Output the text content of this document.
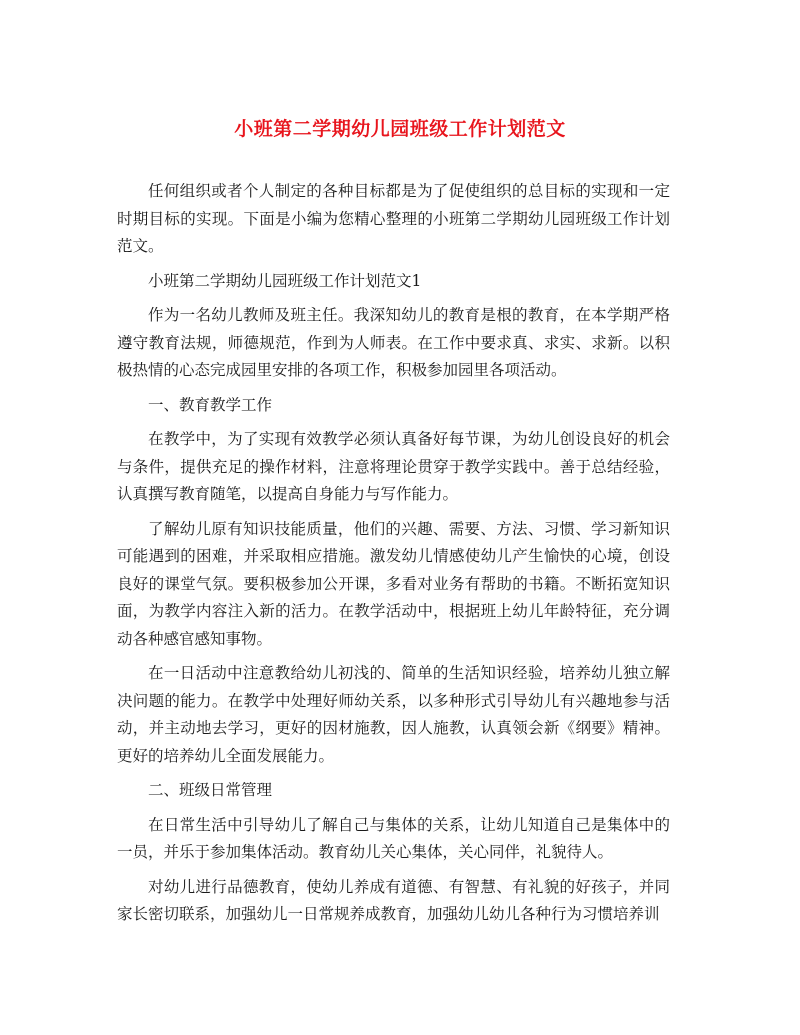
小班第二学期幼儿园班级工作计划范文

任何组织或者个人制定的各种目标都是为了促使组织的总目标的实现和一定时期目标的实现。下面是小编为您精心整理的小班第二学期幼儿园班级工作计划范文。

小班第二学期幼儿园班级工作计划范文1

作为一名幼儿教师及班主任。我深知幼儿的教育是根的教育，在本学期严格遵守教育法规，师德规范，作到为人师表。在工作中要求真、求实、求新。以积极热情的心态完成园里安排的各项工作，积极参加园里各项活动。

一、教育教学工作

在教学中，为了实现有效教学必须认真备好每节课，为幼儿创设良好的机会与条件，提供充足的操作材料，注意将理论贯穿于教学实践中。善于总结经验，认真撰写教育随笔，以提高自身能力与写作能力。

了解幼儿原有知识技能质量，他们的兴趣、需要、方法、习惯、学习新知识可能遇到的困难，并采取相应措施。激发幼儿情感使幼儿产生愉快的心境，创设良好的课堂气氛。要积极参加公开课，多看对业务有帮助的书籍。不断拓宽知识面，为教学内容注入新的活力。在教学活动中，根据班上幼儿年龄特征，充分调动各种感官感知事物。

在一日活动中注意教给幼儿初浅的、简单的生活知识经验，培养幼儿独立解决问题的能力。在教学中处理好师幼关系，以多种形式引导幼儿有兴趣地参与活动，并主动地去学习，更好的因材施教，因人施教，认真领会新《纲要》精神。更好的培养幼儿全面发展能力。

二、班级日常管理

在日常生活中引导幼儿了解自己与集体的关系，让幼儿知道自己是集体中的一员，并乐于参加集体活动。教育幼儿关心集体，关心同伴，礼貌待人。

对幼儿进行品德教育，使幼儿养成有道德、有智慧、有礼貌的好孩子，并同家长密切联系，加强幼儿一日常规养成教育，加强幼儿幼儿各种行为习惯培养训
